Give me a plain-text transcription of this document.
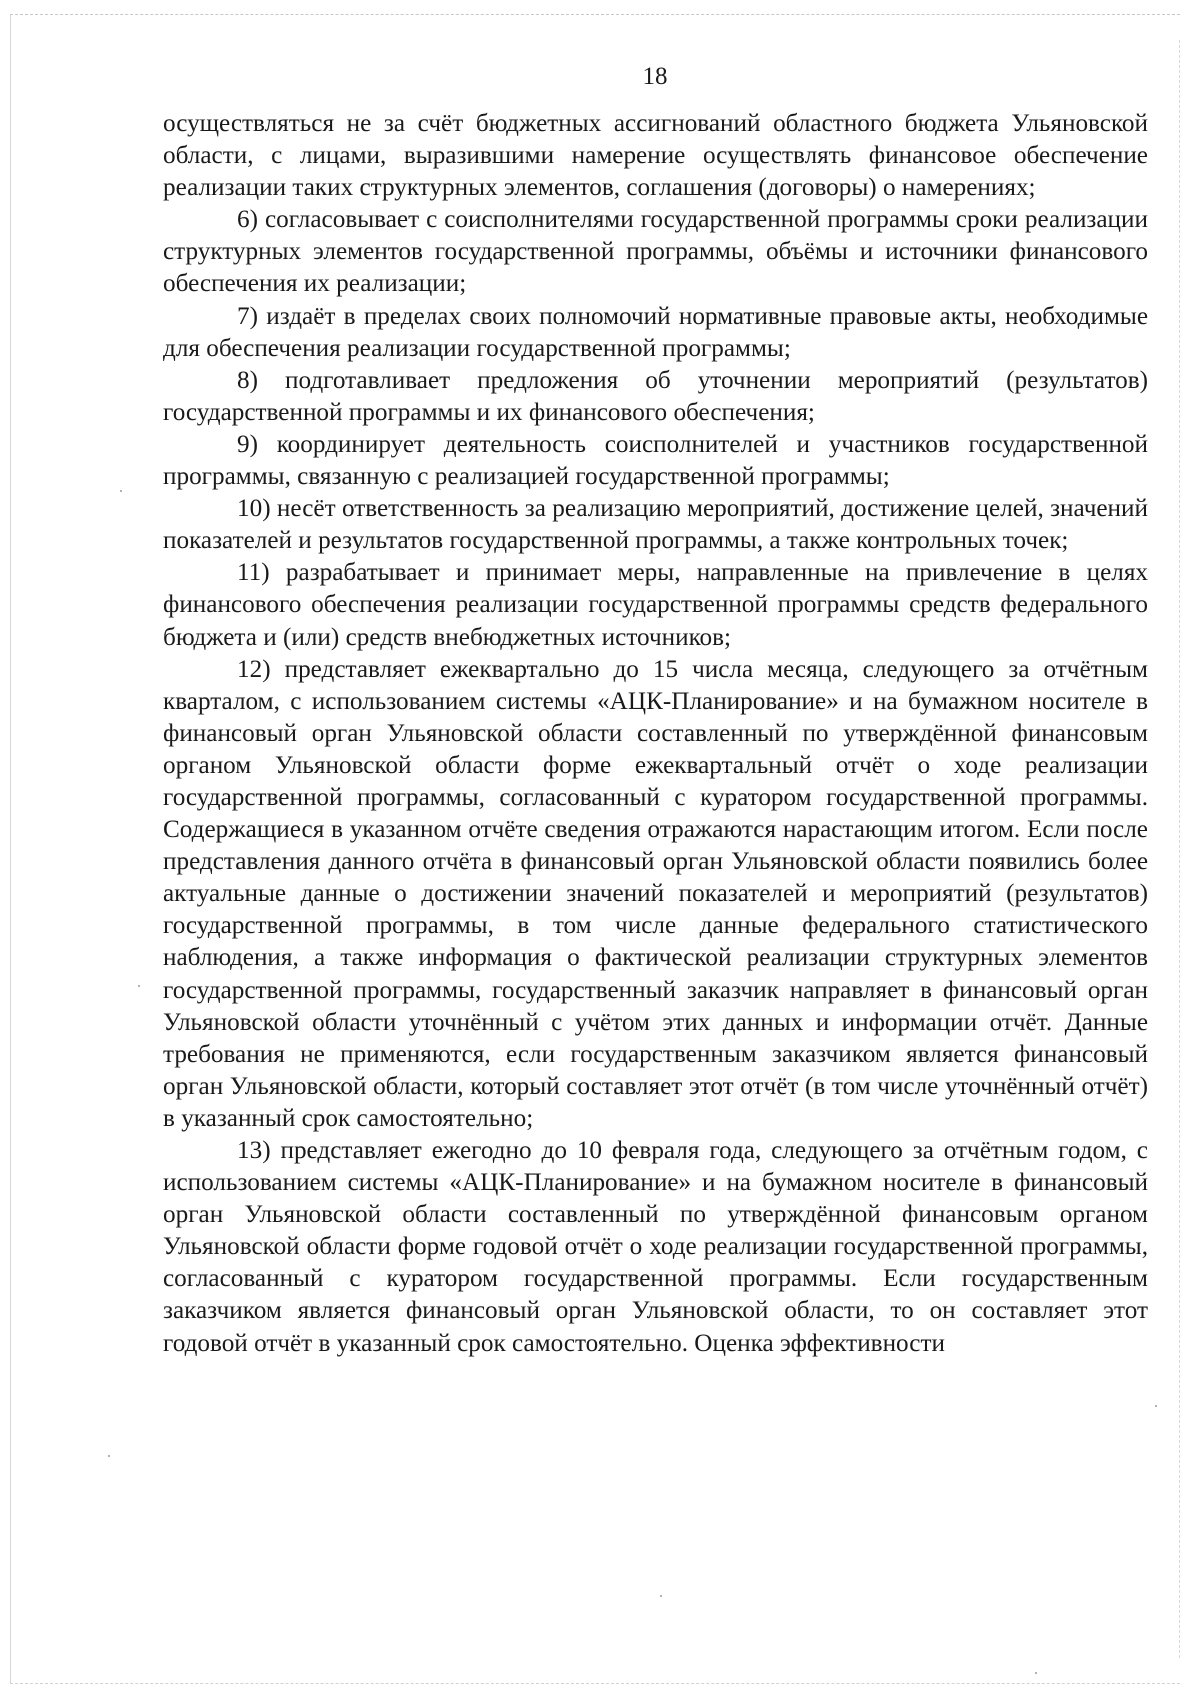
18

осуществляться не за счёт бюджетных ассигнований областного бюджета Ульяновской области, с лицами, выразившими намерение осуществлять финансовое обеспечение реализации таких структурных элементов, соглашения (договоры) о намерениях;

6) согласовывает с соисполнителями государственной программы сроки реализации структурных элементов государственной программы, объёмы и источники финансового обеспечения их реализации;

7) издаёт в пределах своих полномочий нормативные правовые акты, необходимые для обеспечения реализации государственной программы;

8) подготавливает предложения об уточнении мероприятий (результатов) государственной программы и их финансового обеспечения;

9) координирует деятельность соисполнителей и участников государственной программы, связанную с реализацией государственной программы;

10) несёт ответственность за реализацию мероприятий, достижение целей, значений показателей и результатов государственной программы, а также контрольных точек;

11) разрабатывает и принимает меры, направленные на привлечение в целях финансового обеспечения реализации государственной программы средств федерального бюджета и (или) средств внебюджетных источников;

12) представляет ежеквартально до 15 числа месяца, следующего за отчётным кварталом, с использованием системы «АЦК-Планирование» и на бумажном носителе в финансовый орган Ульяновской области составленный по утверждённой финансовым органом Ульяновской области форме ежеквартальный отчёт о ходе реализации государственной программы, согласованный с куратором государственной программы. Содержащиеся в указанном отчёте сведения отражаются нарастающим итогом. Если после представления данного отчёта в финансовый орган Ульяновской области появились более актуальные данные о достижении значений показателей и мероприятий (результатов) государственной программы, в том числе данные федерального статистического наблюдения, а также информация о фактической реализации структурных элементов государственной программы, государственный заказчик направляет в финансовый орган Ульяновской области уточнённый с учётом этих данных и информации отчёт. Данные требования не применяются, если государственным заказчиком является финансовый орган Ульяновской области, который составляет этот отчёт (в том числе уточнённый отчёт) в указанный срок самостоятельно;

13) представляет ежегодно до 10 февраля года, следующего за отчётным годом, с использованием системы «АЦК-Планирование» и на бумажном носителе в финансовый орган Ульяновской области составленный по утверждённой финансовым органом Ульяновской области форме годовой отчёт о ходе реализации государственной программы, согласованный с куратором государственной программы. Если государственным заказчиком является финансовый орган Ульяновской области, то он составляет этот годовой отчёт в указанный срок самостоятельно. Оценка эффективности
